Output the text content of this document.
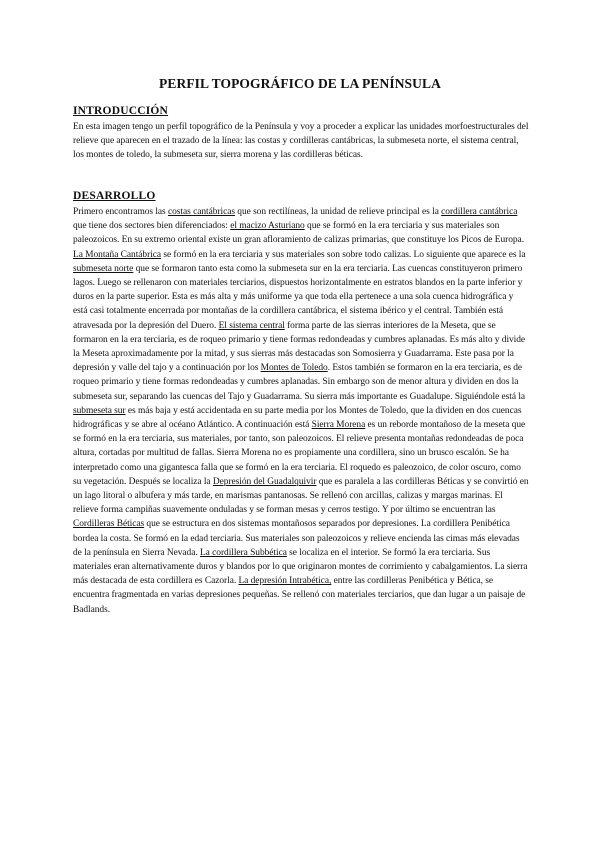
PERFIL TOPOGRÁFICO DE LA PENÍNSULA
INTRODUCCIÓN

En esta imagen tengo un perfil topográfico de la Península y voy a proceder a explicar las unidades morfoestructurales del relieve que aparecen en el trazado de la línea: las costas y cordilleras cantábricas, la submeseta norte, el sistema central, los montes de toledo, la submeseta sur, sierra morena y las cordilleras béticas.

DESARROLLO

Primero encontramos las costas cantábricas que son rectilíneas, la unidad de relieve principal es la cordillera cantábrica que tiene dos sectores bien diferenciados: el macizo Asturiano que se formó en la era terciaria y sus materiales son paleozoicos. En su extremo oriental existe un gran afloramiento de calizas primarias, que constituye los Picos de Europa. La Montaña Cantábrica se formó en la era terciaria y sus materiales son sobre todo calizas. Lo siguiente que aparece es la submeseta norte que se formaron tanto esta como la submeseta sur en la era terciaria. Las cuencas constituyeron primero lagos. Luego se rellenaron con materiales terciarios, dispuestos horizontalmente en estratos blandos en la parte inferior y duros en la parte superior. Esta es más alta y más uniforme ya que toda ella pertenece a una sola cuenca hidrográfica y está casi totalmente encerrada por montañas de la cordillera cantábrica, el sistema ibérico y el central. También está atravesada por la depresión del Duero. El sistema central forma parte de las sierras interiores de la Meseta, que se formaron en la era terciaria, es de roqueo primario y tiene formas redondeadas y cumbres aplanadas. Es más alto y divide la Meseta aproximadamente por la mitad, y sus sierras más destacadas son Somosierra y Guadarrama. Este pasa por la depresión y valle del tajo y a continuación por los Montes de Toledo. Estos también se formaron en la era terciaria, es de roqueo primario y tiene formas redondeadas y cumbres aplanadas. Sin embargo son de menor altura y dividen en dos la submeseta sur, separando las cuencas del Tajo y Guadarrama. Su sierra más importante es Guadalupe. Siguiéndole está la submeseta sur es más baja y está accidentada en su parte media por los Montes de Toledo, que la dividen en dos cuencas hidrográficas y se abre al océano Atlántico. A continuación está Sierra Morena es un reborde montañoso de la meseta que se formó en la era terciaria, sus materiales, por tanto, son paleozoicos. El relieve presenta montañas redondeadas de poca altura, cortadas por multitud de fallas. Sierra Morena no es propiamente una cordillera, sino un brusco escalón. Se ha interpretado como una gigantesca falla que se formó en la era terciaria. El roquedo es paleozoico, de color oscuro, como su vegetación. Después se localiza la Depresión del Guadalquivir que es paralela a las cordilleras Béticas y se convirtió en un lago litoral o albufera y más tarde, en marismas pantanosas. Se rellenó con arcillas, calizas y margas marinas. El relieve forma campiñas suavemente onduladas y se forman mesas y cerros testigo. Y por último se encuentran las Cordilleras Béticas que se estructura en dos sistemas montañosos separados por depresiones. La cordillera Penibética bordea la costa. Se formó en la edad terciaria. Sus materiales son paleozoicos y relieve encienda las cimas más elevadas de la península en Sierra Nevada. La cordillera Subbética se localiza en el interior. Se formó la era terciaria. Sus materiales eran alternativamente duros y blandos por lo que originaron montes de corrimiento y cabalgamientos. La sierra más destacada de esta cordillera es Cazorla. La depresión Intrabética, entre las cordilleras Penibética y Bética, se encuentra fragmentada en varias depresiones pequeñas. Se rellenó con materiales terciarios, que dan lugar a un paisaje de Badlands.
